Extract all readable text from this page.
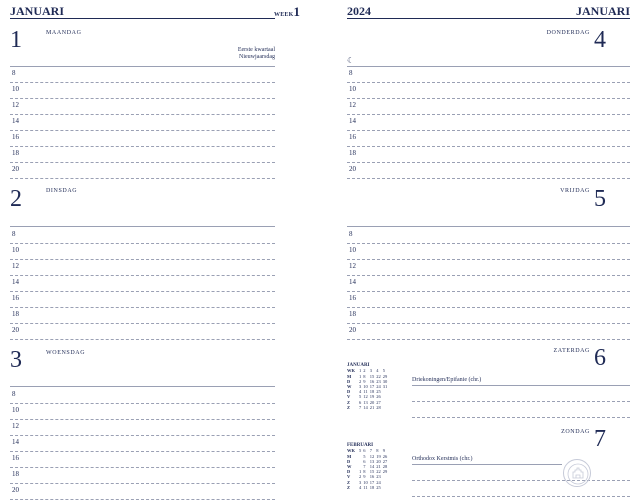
JANUARI	WEEK1
1	MAANDAG
Eerste kwartaal
Nieuwjaarsdag
8
10
12
14
16
18
20
2	DINSDAG
8
10
12
14
16
18
20
3	WOENSDAG
8
10
12
14
16
18
20
2024	JANUARI
4
DONDERDAG
☾
8
10
12
14
16
18
20
5
VRIJDAG
8
10
12
14
16
18
20
6
ZATERDAG
JANUARI
WK	1	2	3	4	5
M	1	8	15	22	29
D	2	9	16	23	30
W	3	10	17	24	31
D	4	11	18	25	
V	5	12	19	26	
Z	6	13	20	27	
Z	7	14	21	28	
Driekoningen/Epifanie (chr.)
7
ZONDAG
FEBRUARI
WK	5	6	7	8	9
M		5	12	19	26
D		6	13	20	27
W		7	14	21	28
D	1	8	15	22	29
V	2	9	16	23	
Z	3	10	17	24	
Z	4	11	18	25	
Orthodox Kerstmis (chr.)
